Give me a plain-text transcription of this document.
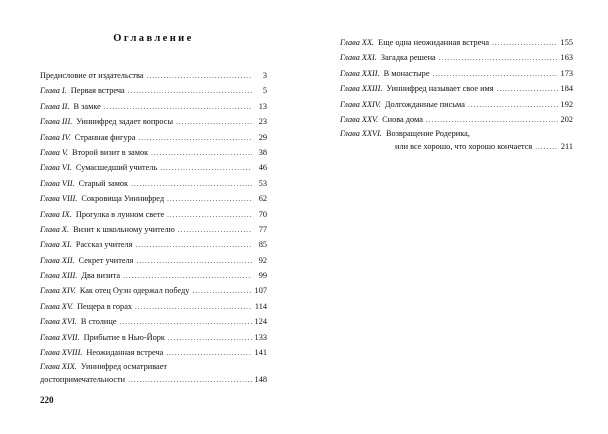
Оглавление
Предисловие от издательства .....	3
Глава I. Первая встреча .....	5
Глава II. В замке .....	13
Глава III. Уиннифред задает вопросы .....	23
Глава IV. Странная фигура .....	29
Глава V. Второй визит в замок .....	38
Глава VI. Сумасшедший учитель .....	46
Глава VII. Старый замок .....	53
Глава VIII. Сокровища Уиннифред .....	62
Глава IX. Прогулка в лунном свете .....	70
Глава X. Визит к школьному учителю .....	77
Глава XI. Рассказ учителя .....	85
Глава XII. Секрет учителя .....	92
Глава XIII. Два визита .....	99
Глава XIV. Как отец Оуэн одержал победу .....	107
Глава XV. Пещера в горах .....	114
Глава XVI. В столице .....	124
Глава XVII. Прибытие в Нью-Йорк .....	133
Глава XVIII. Неожиданная встреча .....	141
Глава XIX. Уиннифред осматривает
достопримечательности .....	148
220
Глава XX. Еще одна неожиданная встреча .....	155
Глава XXI. Загадка решена .....	163
Глава XXII. В монастыре .....	173
Глава XXIII. Уиннифред называет свое имя .....	184
Глава XXIV. Долгожданные письма .....	192
Глава XXV. Снова дома .....	202
Глава XXVI. Возвращение Родерика,
или все хорошо, что хорошо кончается .....	211
